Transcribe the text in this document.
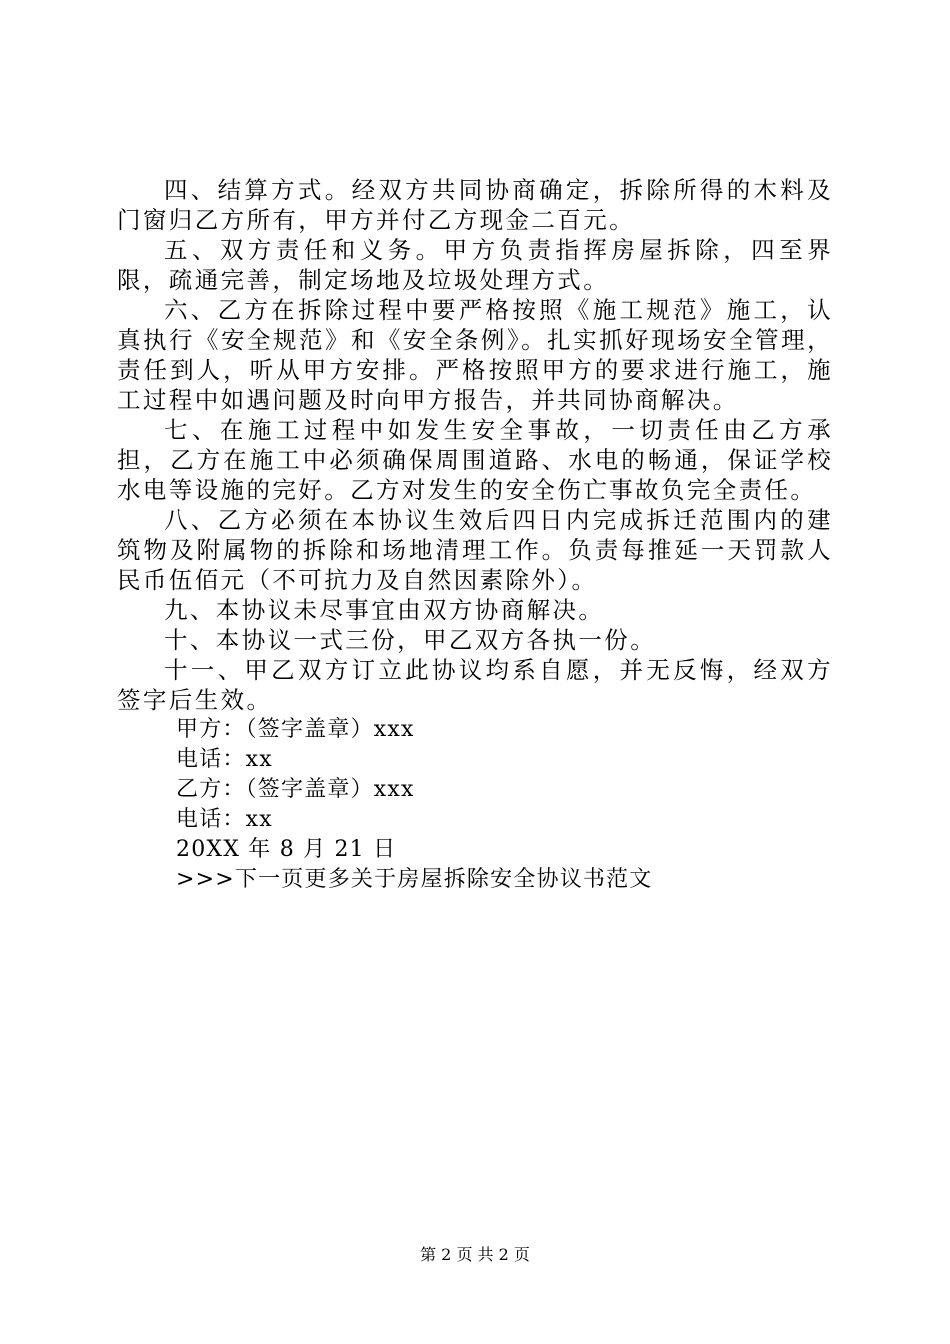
四、结算方式。经双方共同协商确定，拆除所得的木料及门窗归乙方所有，甲方并付乙方现金二百元。

五、双方责任和义务。甲方负责指挥房屋拆除，四至界限，疏通完善，制定场地及垃圾处理方式。

六、乙方在拆除过程中要严格按照《施工规范》施工，认真执行《安全规范》和《安全条例》。扎实抓好现场安全管理，责任到人，听从甲方安排。严格按照甲方的要求进行施工，施工过程中如遇问题及时向甲方报告，并共同协商解决。

七、在施工过程中如发生安全事故，一切责任由乙方承担，乙方在施工中必须确保周围道路、水电的畅通，保证学校水电等设施的完好。乙方对发生的安全伤亡事故负完全责任。

八、乙方必须在本协议生效后四日内完成拆迁范围内的建筑物及附属物的拆除和场地清理工作。负责每推延一天罚款人民币伍佰元（不可抗力及自然因素除外）。

九、本协议未尽事宜由双方协商解决。

十、本协议一式三份，甲乙双方各执一份。

十一、甲乙双方订立此协议均系自愿，并无反悔，经双方签字后生效。

甲方：（签字盖章）xxx

电话：xx

乙方：（签字盖章）xxx

电话：xx

20XX 年 8 月 21 日

>>>下一页更多关于房屋拆除安全协议书范文

第 2 页 共 2 页
